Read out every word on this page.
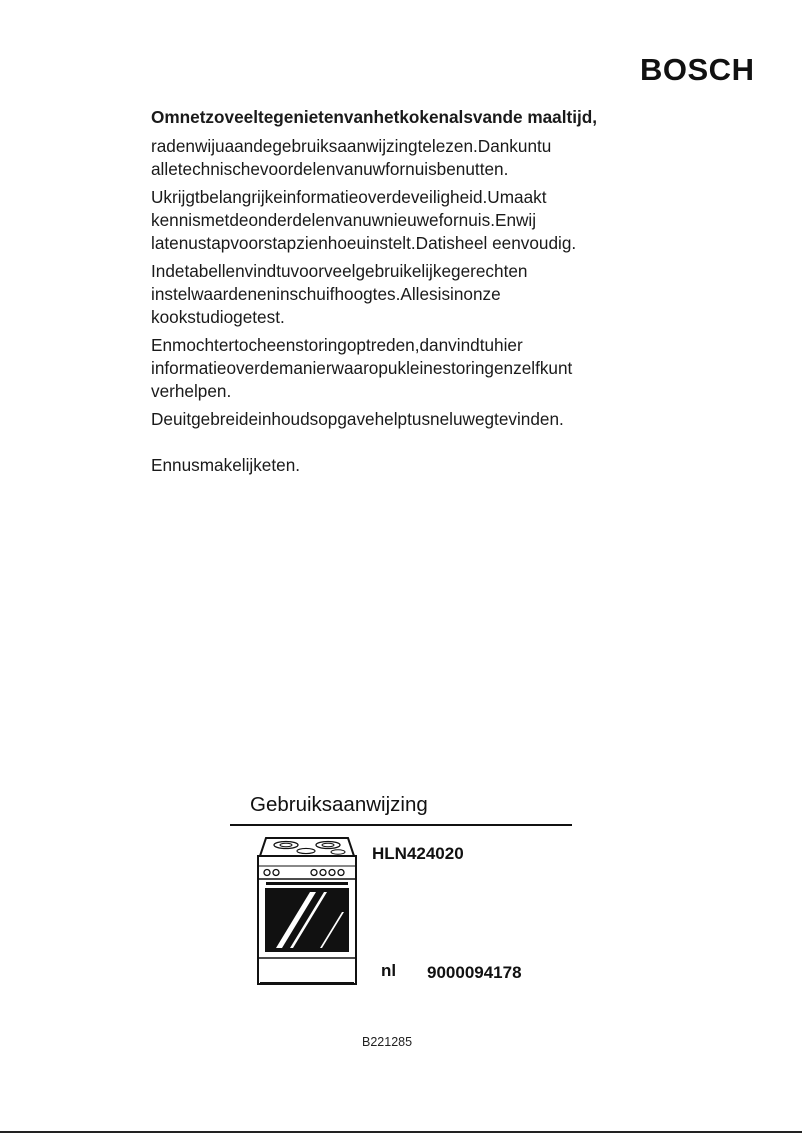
BOSCH

Omnetzoveeltegenietenvanhetkokenalsvande maaltijd,

radenwijuaandegebruiksaanwijzingtelezen.Dankuntu alletechnischevoordelenvanuwfornuisbenutten.

Ukrijgtbelangrijkeinformatieoverdeveiligheid.Umaakt kennismetdeonderdelenvanuwnieuwefornuis.Enwij latenustapvoorstapzienhoeuinstelt.Datisheel eenvoudig.

Indetabellenvindtuvoorveelgebruikelijkegerechten instelwaardeneninschuifhoogtes.Allesisinonze kookstudiogetest.

Enmochtertocheenstoringoptreden,danvindtuhier informatieoverdemanierwaaropukleinestoringenzelfkunt verhelpen.

Deuitgebreideinhoudsopgavehelptusneluwegtevinden.

Ennusmakelijketen.

Gebruiksaanwijzing
HLN424020
nl 9000094178
B221285
